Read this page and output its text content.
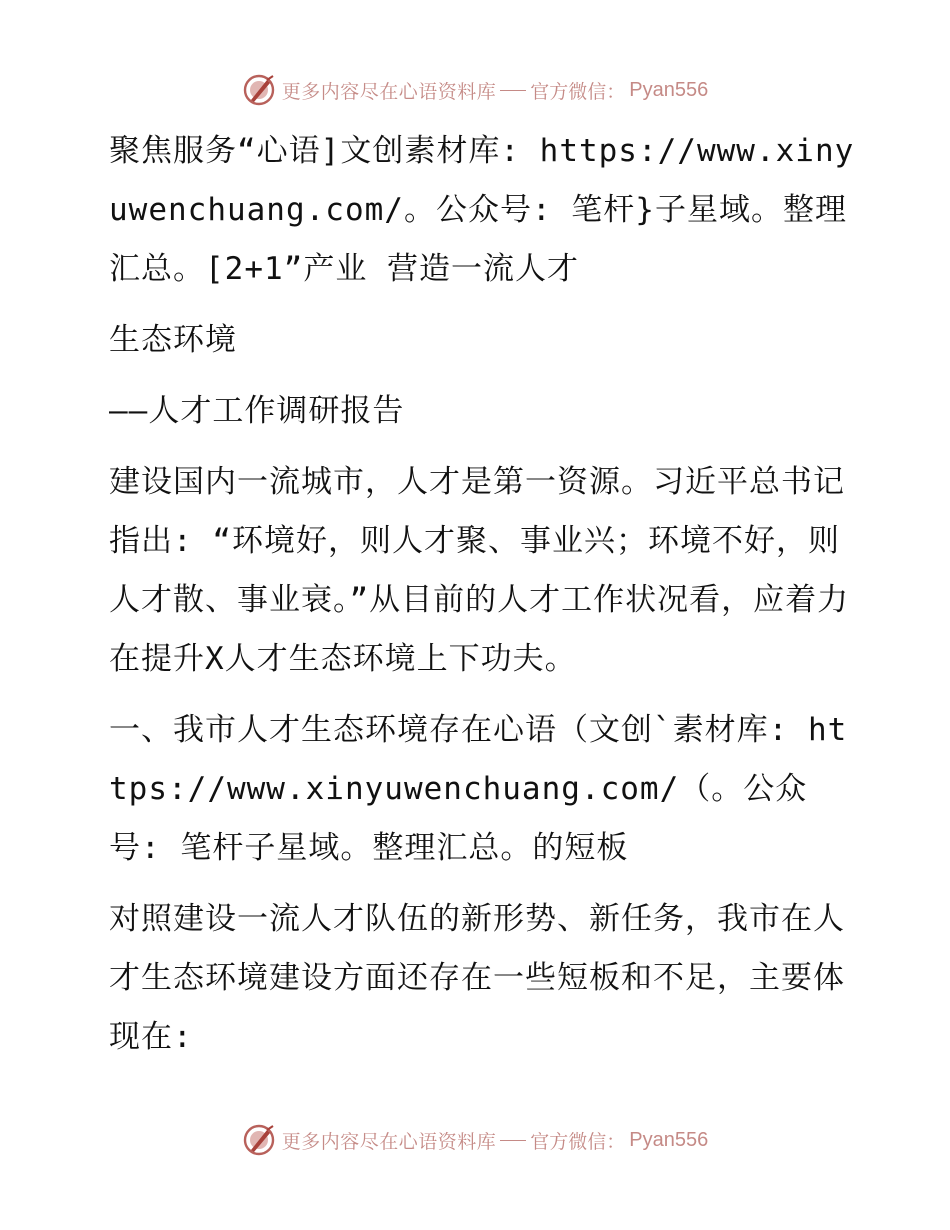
更多内容尽在心语资料库 官方微信： Pyan556

聚焦服务“心语]文创素材库: https://www.xinyuwenchuang.com/。公众号: 笔杆}子星域。整理汇总。[2+1”产业 营造一流人才

生态环境

——人才工作调研报告

建设国内一流城市，人才是第一资源。习近平总书记指出: “环境好，则人才聚、事业兴；环境不好，则人才散、事业衰。”从目前的人才工作状况看，应着力在提升X人才生态环境上下功夫。

一、我市人才生态环境存在心语（文创`素材库: https://www.xinyuwenchuang.com/（。公众号: 笔杆子星域。整理汇总。的短板

对照建设一流人才队伍的新形势、新任务，我市在人才生态环境建设方面还存在一些短板和不足，主要体现在:

更多内容尽在心语资料库 官方微信： Pyan556
